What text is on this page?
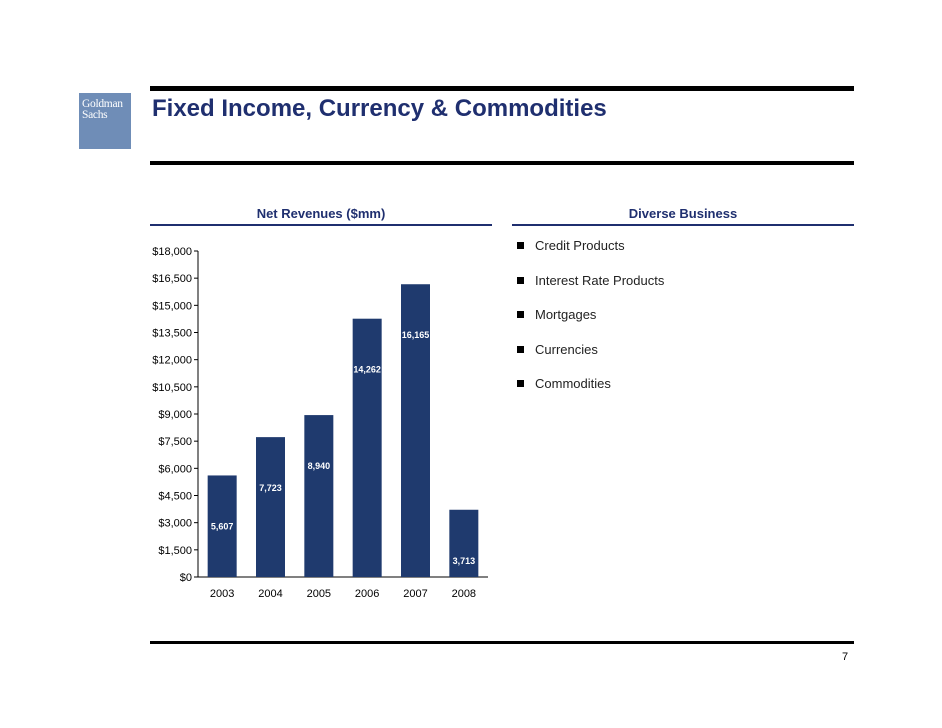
Goldman
Sachs	Fixed Income, Currency & Commodities
Net Revenues ($mm)	Diverse Business
$0
$1,500
$3,000
$4,500
$6,000
$7,500
$9,000
$10,500
$12,000
$13,500
$15,000
$16,500
$18,000
5,607
2003
7,723
2004
8,940
2005
14,262
2006
16,165
2007
3,713
2008
Credit Products
Interest Rate Products
Mortgages
Currencies
Commodities
7
